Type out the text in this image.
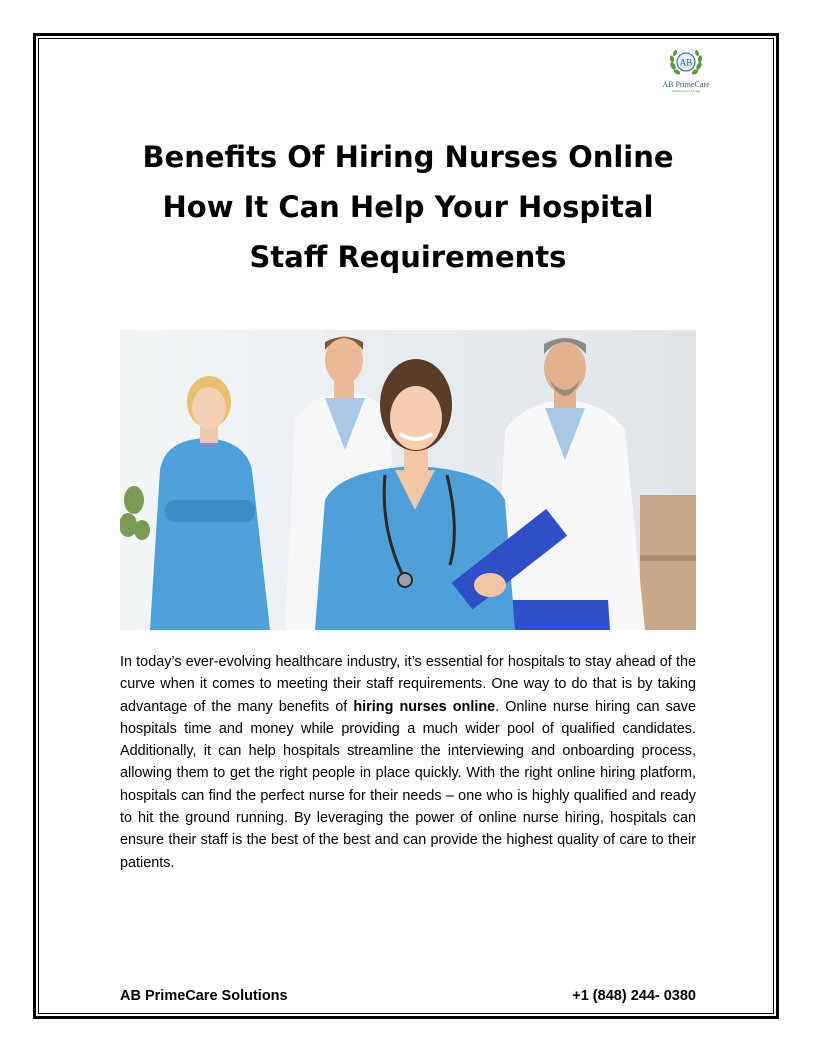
AB
AB PrimeCare
Solutions for Living
Benefits Of Hiring Nurses Online
How It Can Help Your Hospital
Staff Requirements

In today’s ever-evolving healthcare industry, it’s essential for hospitals to stay ahead of the curve when it comes to meeting their staff requirements. One way to do that is by taking advantage of the many benefits of hiring nurses online. Online nurse hiring can save hospitals time and money while providing a much wider pool of qualified candidates. Additionally, it can help hospitals streamline the interviewing and onboarding process, allowing them to get the right people in place quickly. With the right online hiring platform, hospitals can find the perfect nurse for their needs – one who is highly qualified and ready to hit the ground running. By leveraging the power of online nurse hiring, hospitals can ensure their staff is the best of the best and can provide the highest quality of care to their patients.

AB PrimeCare Solutions	+1 (848) 244- 0380
